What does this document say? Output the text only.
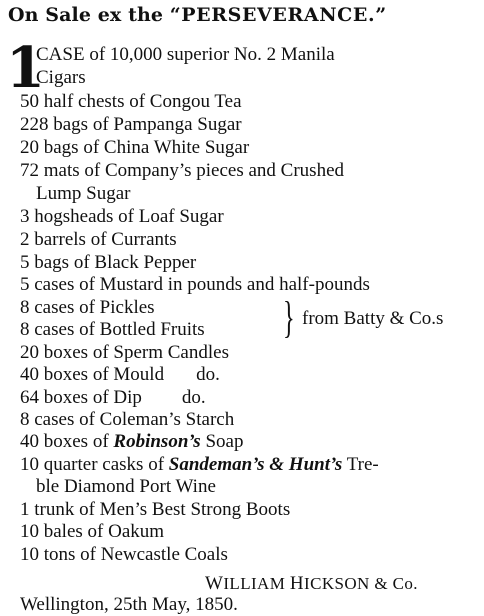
On Sale ex the “PERSEVERANCE.”
1
CASE of 10,000 superior No. 2 Manila
Cigars
50 half chests of Congou Tea
228 bags of Pampanga Sugar
20 bags of China White Sugar
72 mats of Company’s pieces and Crushed
Lump Sugar
3 hogsheads of Loaf Sugar
2 barrels of Currants
5 bags of Black Pepper
5 cases of Mustard in pounds and half-pounds
8 cases of Pickles
8 cases of Bottled Fruits } from Batty & Co.s
20 boxes of Sperm Candles
40 boxes of Mould do.
64 boxes of Dip do.
8 cases of Coleman’s Starch
40 boxes of Robinson’s Soap
10 quarter casks of Sandeman’s & Hunt’s Tre-
ble Diamond Port Wine
1 trunk of Men’s Best Strong Boots
10 bales of Oakum
10 tons of Newcastle Coals
WILLIAM HICKSON & Co.
Wellington, 25th May, 1850.
